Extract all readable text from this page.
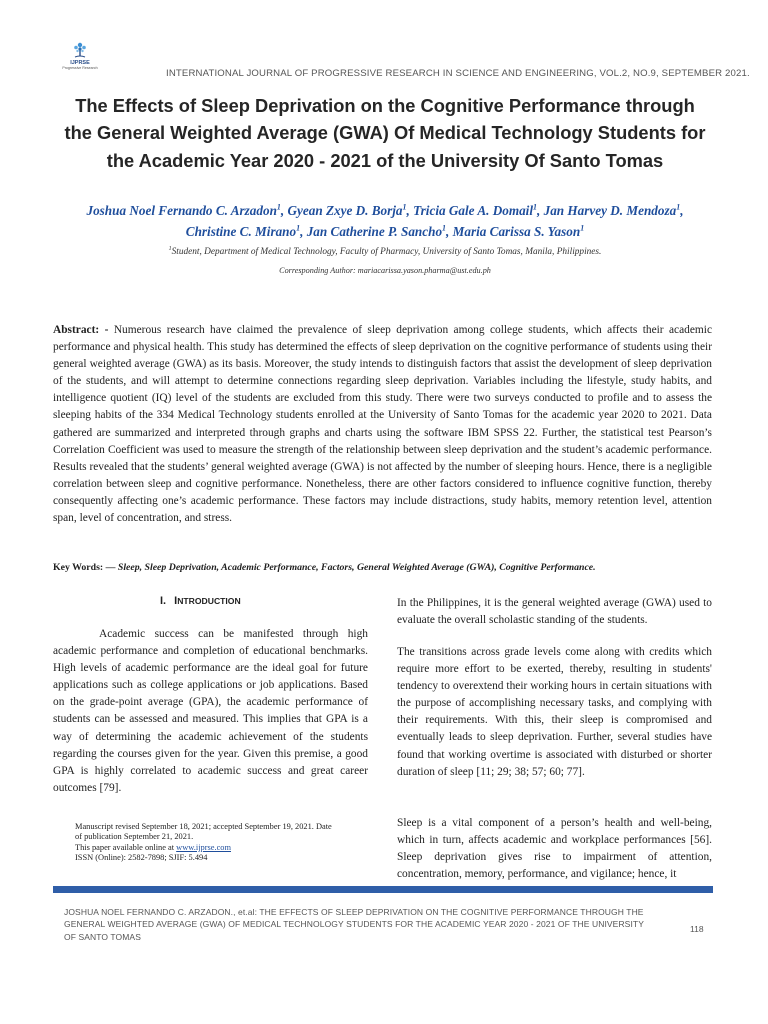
IJPRSE
Progressive Research
INTERNATIONAL JOURNAL OF PROGRESSIVE RESEARCH IN SCIENCE AND ENGINEERING, VOL.2, NO.9, SEPTEMBER 2021.
The Effects of Sleep Deprivation on the Cognitive Performance through the General Weighted Average (GWA) Of Medical Technology Students for the Academic Year 2020 - 2021 of the University Of Santo Tomas
Joshua Noel Fernando C. Arzadon$^1$, Gyean Zxye D. Borja$^1$, Tricia Gale A. Domail$^1$, Jan Harvey D. Mendoza$^1$, Christine C. Mirano$^1$, Jan Catherine P. Sancho$^1$, Maria Carissa S. Yason$^1$
$^1$Student, Department of Medical Technology, Faculty of Pharmacy, University of Santo Tomas, Manila, Philippines.
Corresponding Author: mariacarissa.yason.pharma@ust.edu.ph
Abstract: - Numerous research have claimed the prevalence of sleep deprivation among college students, which affects their academic performance and physical health. This study has determined the effects of sleep deprivation on the cognitive performance of students using their general weighted average (GWA) as its basis. Moreover, the study intends to distinguish factors that assist the development of sleep deprivation of the students, and will attempt to determine connections regarding sleep deprivation. Variables including the lifestyle, study habits, and intelligence quotient (IQ) level of the students are excluded from this study. There were two surveys conducted to profile and to assess the sleeping habits of the 334 Medical Technology students enrolled at the University of Santo Tomas for the academic year 2020 to 2021. Data gathered are summarized and interpreted through graphs and charts using the software IBM SPSS 22. Further, the statistical test Pearson’s Correlation Coefficient was used to measure the strength of the relationship between sleep deprivation and the student’s academic performance. Results revealed that the students’ general weighted average (GWA) is not affected by the number of sleeping hours. Hence, there is a negligible correlation between sleep and cognitive performance. Nonetheless, there are other factors considered to influence cognitive function, thereby consequently affecting one’s academic performance. These factors may include distractions, study habits, memory retention level, attention span, level of concentration, and stress.
Key Words: — Sleep, Sleep Deprivation, Academic Performance, Factors, General Weighted Average (GWA), Cognitive Performance.
I. INTRODUCTION
Academic success can be manifested through high academic performance and completion of educational benchmarks. High levels of academic performance are the ideal goal for future applications such as college applications or job applications. Based on the grade-point average (GPA), the academic performance of students can be assessed and measured. This implies that GPA is a way of determining the academic achievement of the students regarding the courses given for the year. Given this premise, a good GPA is highly correlated to academic success and great career outcomes [79].

Manuscript revised September 18, 2021; accepted September 19, 2021. Date of publication September 21, 2021.

This paper available online at www.ijprse.com

ISSN (Online): 2582-7898; SJIF: 5.494

In the Philippines, it is the general weighted average (GWA) used to evaluate the overall scholastic standing of the students.

The transitions across grade levels come along with credits which require more effort to be exerted, thereby, resulting in students' tendency to overextend their working hours in certain situations with the purpose of accomplishing necessary tasks, and complying with their requirements. With this, their sleep is compromised and eventually leads to sleep deprivation. Further, several studies have found that working overtime is associated with disturbed or shorter duration of sleep [11; 29; 38; 57; 60; 77].

Sleep is a vital component of a person’s health and well-being, which in turn, affects academic and workplace performances [56]. Sleep deprivation gives rise to impairment of attention, concentration, memory, performance, and vigilance; hence, it

JOSHUA NOEL FERNANDO C. ARZADON., et.al: THE EFFECTS OF SLEEP DEPRIVATION ON THE COGNITIVE PERFORMANCE THROUGH THE GENERAL WEIGHTED AVERAGE (GWA) OF MEDICAL TECHNOLOGY STUDENTS FOR THE ACADEMIC YEAR 2020 - 2021 OF THE UNIVERSITY OF SANTO TOMAS
118
